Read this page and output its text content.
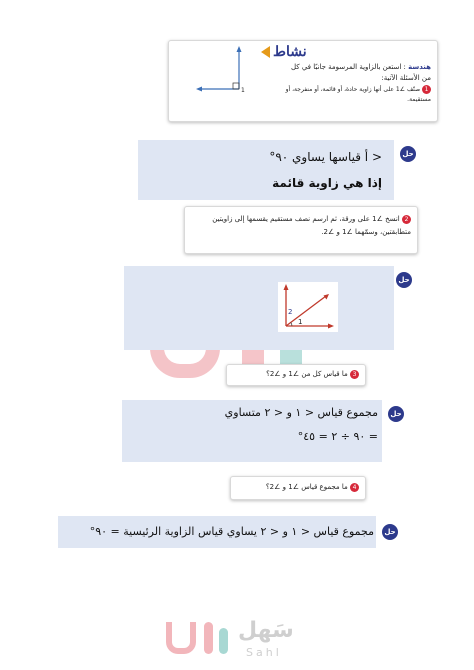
1
نشاط
هندسة : استعن بالزاوية المرسومة جانبًا في كل
من الأسئلة الآتية:
1 صنّف ∠1 على أنها زاوية حادة، أو قائمة، أو منفرجة، أو مستقيمة.
حل
< أ قياسها يساوي ٩٠°
إذا هي زاوية قائمة
2 انسخ ∠1 على ورقة، ثم ارسم نصف مستقيم يقسمها إلى زاويتين متطابقتين، وسمّهما ∠1 و ∠2.
حل
2
1
3 ما قياس كل من ∠1 و ∠2؟
حل
مجموع قياس < ١ و < ٢ متساوي
= ٩٠ ÷ ٢ = ٤٥°
4 ما مجموع قياس ∠1 و ∠2؟
حل
مجموع قياس < ١ و < ٢ يساوي قياس الزاوية الرئيسية = ٩٠°
سَهل
Sahl
